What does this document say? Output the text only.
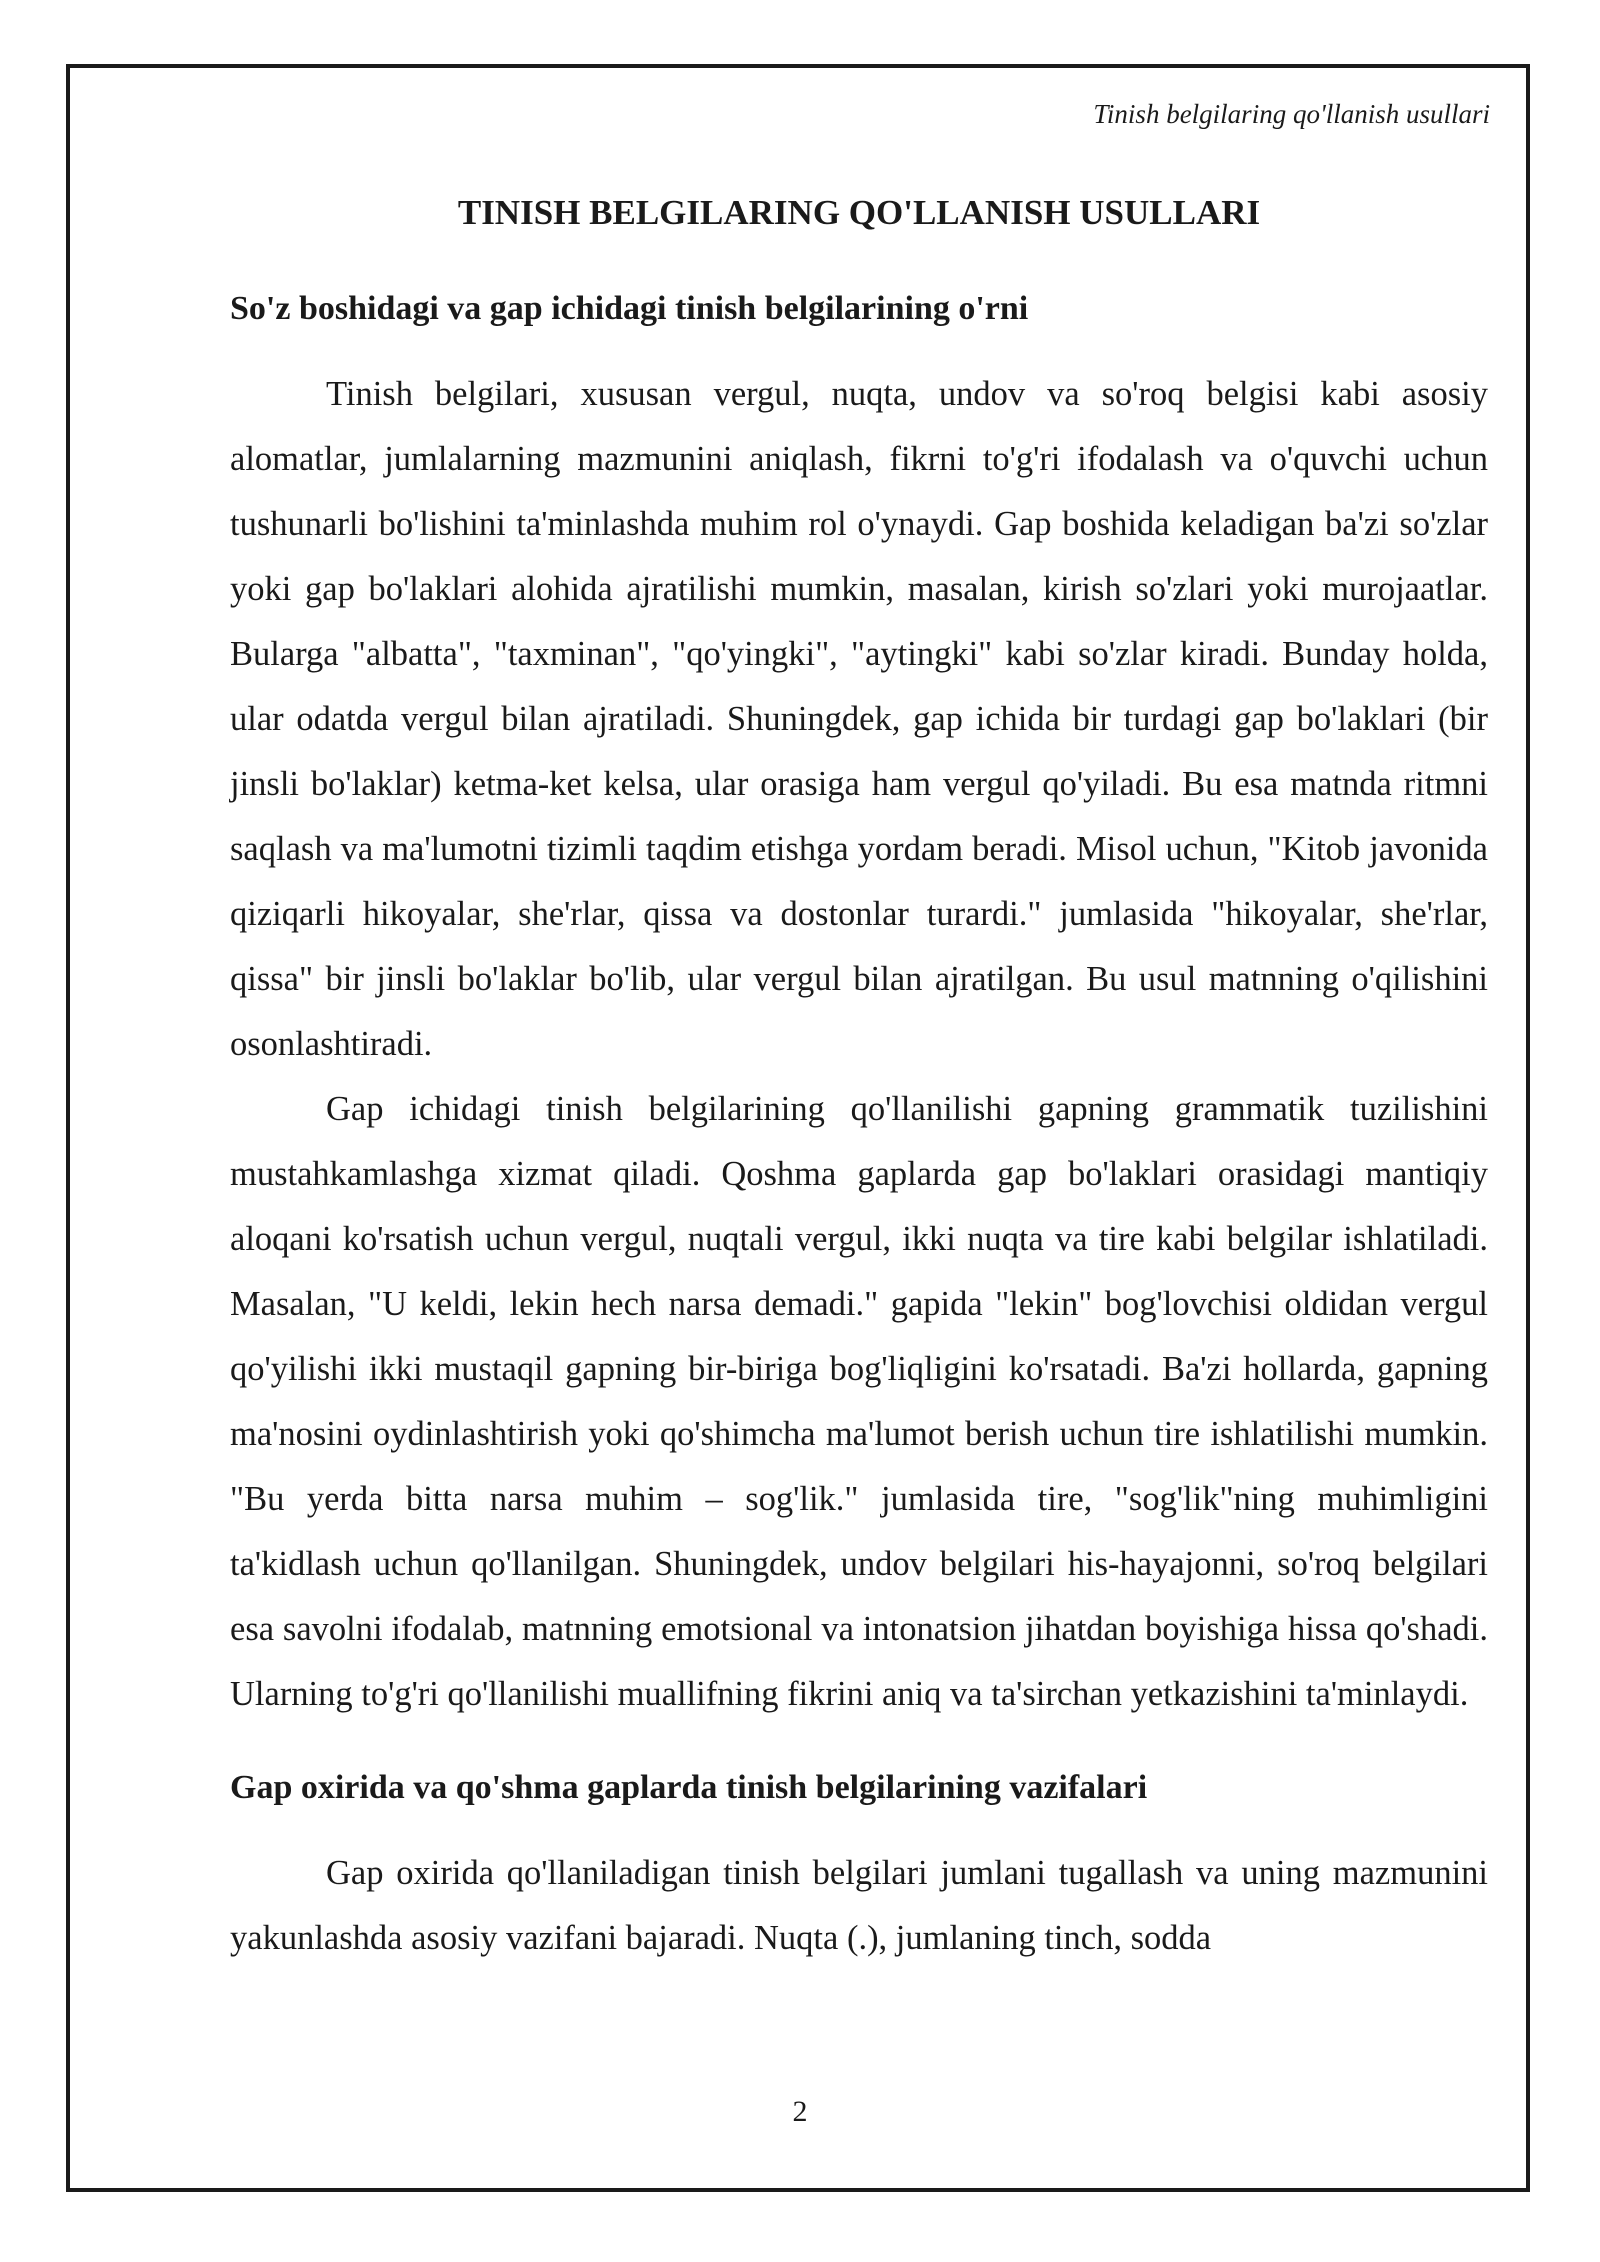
Tinish belgilaring qo'llanish usullari
TINISH BELGILARING QO'LLANISH USULLARI
So'z boshidagi va gap ichidagi tinish belgilarining o'rni

Tinish belgilari, xususan vergul, nuqta, undov va so'roq belgisi kabi asosiy alomatlar, jumlalarning mazmunini aniqlash, fikrni to'g'ri ifodalash va o'quvchi uchun tushunarli bo'lishini ta'minlashda muhim rol o'ynaydi. Gap boshida keladigan ba'zi so'zlar yoki gap bo'laklari alohida ajratilishi mumkin, masalan, kirish so'zlari yoki murojaatlar. Bularga "albatta", "taxminan", "qo'yingki", "aytingki" kabi so'zlar kiradi. Bunday holda, ular odatda vergul bilan ajratiladi. Shuningdek, gap ichida bir turdagi gap bo'laklari (bir jinsli bo'laklar) ketma-ket kelsa, ular orasiga ham vergul qo'yiladi. Bu esa matnda ritmni saqlash va ma'lumotni tizimli taqdim etishga yordam beradi. Misol uchun, "Kitob javonida qiziqarli hikoyalar, she'rlar, qissa va dostonlar turardi." jumlasida "hikoyalar, she'rlar, qissa" bir jinsli bo'laklar bo'lib, ular vergul bilan ajratilgan. Bu usul matnning o'qilishini osonlashtiradi.

Gap ichidagi tinish belgilarining qo'llanilishi gapning grammatik tuzilishini mustahkamlashga xizmat qiladi. Qoshma gaplarda gap bo'laklari orasidagi mantiqiy aloqani ko'rsatish uchun vergul, nuqtali vergul, ikki nuqta va tire kabi belgilar ishlatiladi. Masalan, "U keldi, lekin hech narsa demadi." gapida "lekin" bog'lovchisi oldidan vergul qo'yilishi ikki mustaqil gapning bir-biriga bog'liqligini ko'rsatadi. Ba'zi hollarda, gapning ma'nosini oydinlashtirish yoki qo'shimcha ma'lumot berish uchun tire ishlatilishi mumkin. "Bu yerda bitta narsa muhim – sog'lik." jumlasida tire, "sog'lik"ning muhimligini ta'kidlash uchun qo'llanilgan. Shuningdek, undov belgilari his-hayajonni, so'roq belgilari esa savolni ifodalab, matnning emotsional va intonatsion jihatdan boyishiga hissa qo'shadi. Ularning to'g'ri qo'llanilishi muallifning fikrini aniq va ta'sirchan yetkazishini ta'minlaydi.

Gap oxirida va qo'shma gaplarda tinish belgilarining vazifalari

Gap oxirida qo'llaniladigan tinish belgilari jumlani tugallash va uning mazmunini yakunlashda asosiy vazifani bajaradi. Nuqta (.), jumlaning tinch, sodda

2
